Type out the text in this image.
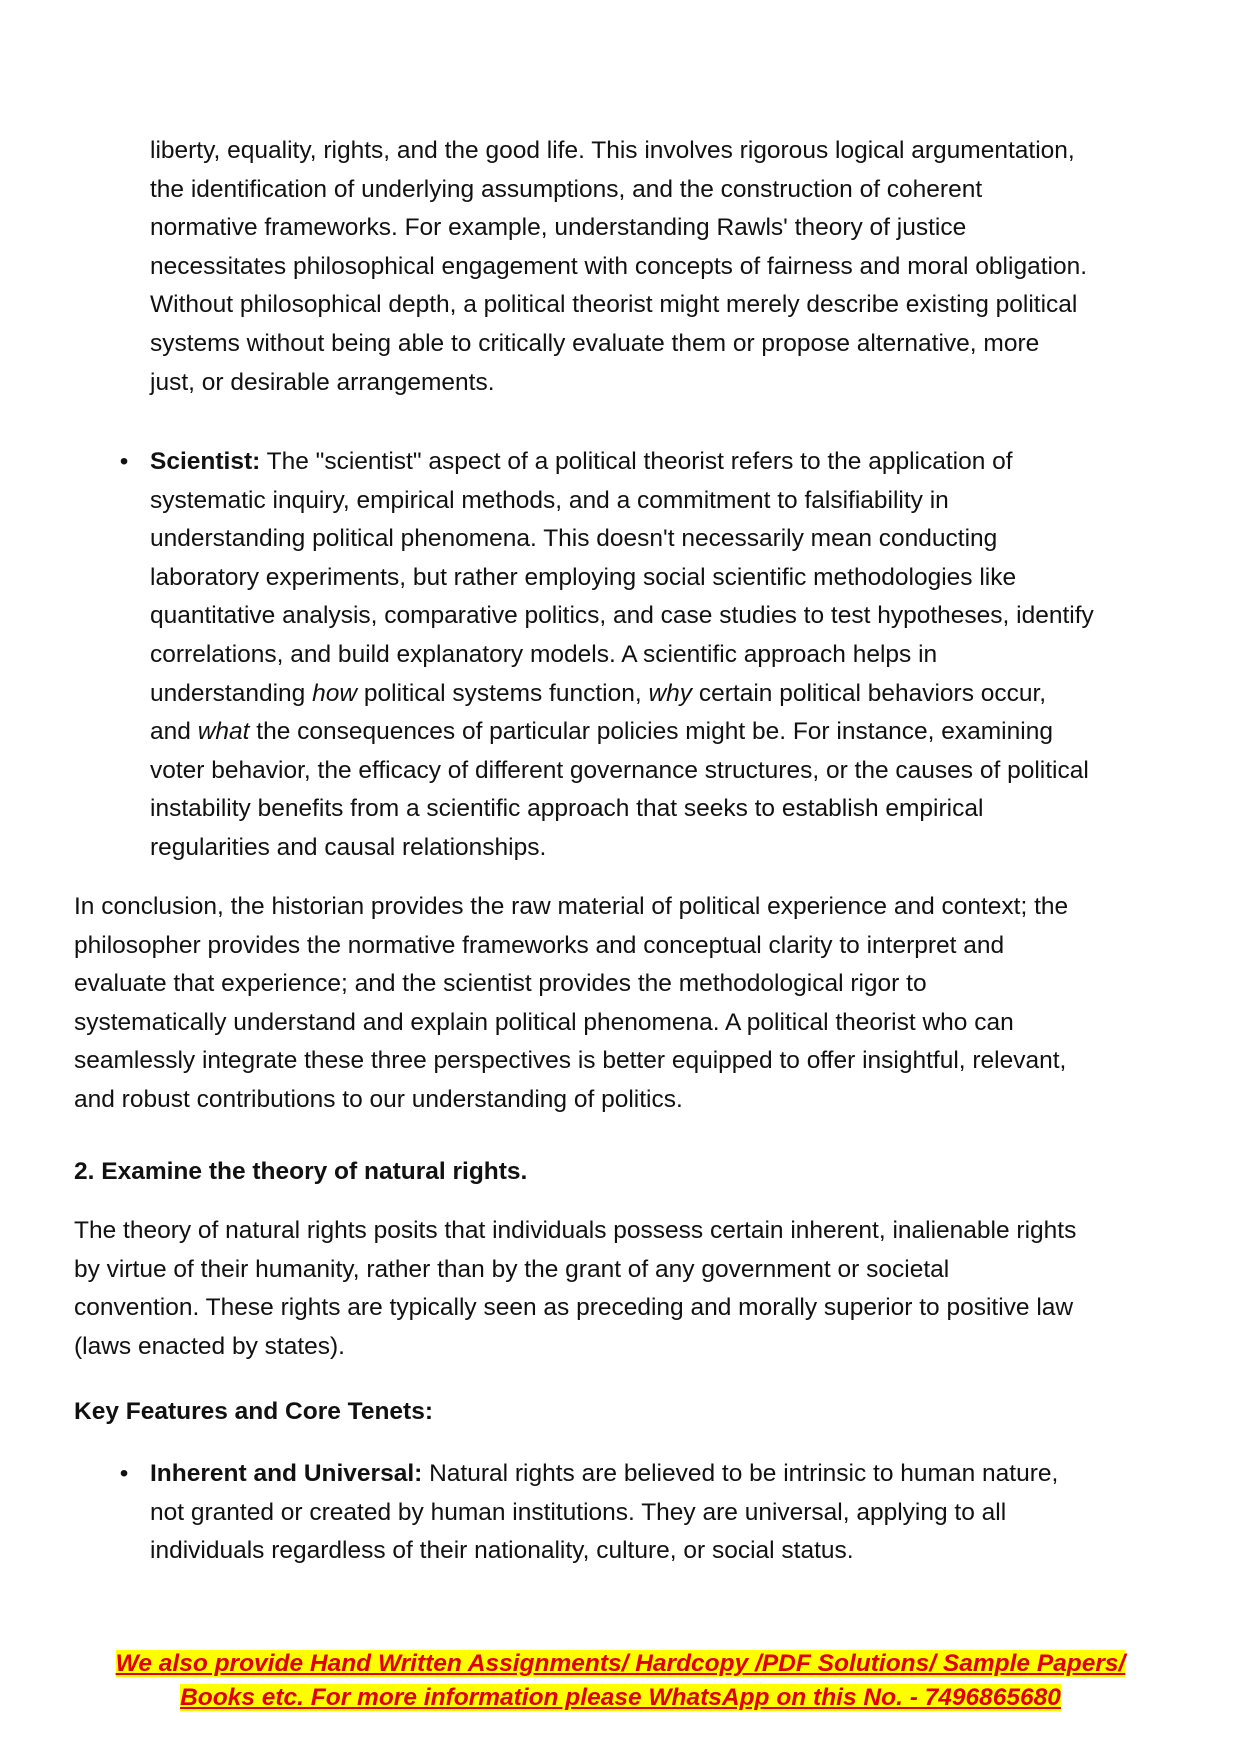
liberty, equality, rights, and the good life. This involves rigorous logical argumentation,
the identification of underlying assumptions, and the construction of coherent
normative frameworks. For example, understanding Rawls' theory of justice
necessitates philosophical engagement with concepts of fairness and moral obligation.
Without philosophical depth, a political theorist might merely describe existing political
systems without being able to critically evaluate them or propose alternative, more
just, or desirable arrangements.
• Scientist: The "scientist" aspect of a political theorist refers to the application of
systematic inquiry, empirical methods, and a commitment to falsifiability in
understanding political phenomena. This doesn't necessarily mean conducting
laboratory experiments, but rather employing social scientific methodologies like
quantitative analysis, comparative politics, and case studies to test hypotheses, identify
correlations, and build explanatory models. A scientific approach helps in
understanding how political systems function, why certain political behaviors occur,
and what the consequences of particular policies might be. For instance, examining
voter behavior, the efficacy of different governance structures, or the causes of political
instability benefits from a scientific approach that seeks to establish empirical
regularities and causal relationships.
In conclusion, the historian provides the raw material of political experience and context; the
philosopher provides the normative frameworks and conceptual clarity to interpret and
evaluate that experience; and the scientist provides the methodological rigor to
systematically understand and explain political phenomena. A political theorist who can
seamlessly integrate these three perspectives is better equipped to offer insightful, relevant,
and robust contributions to our understanding of politics.
2. Examine the theory of natural rights.
The theory of natural rights posits that individuals possess certain inherent, inalienable rights
by virtue of their humanity, rather than by the grant of any government or societal
convention. These rights are typically seen as preceding and morally superior to positive law
(laws enacted by states).
Key Features and Core Tenets:
• Inherent and Universal: Natural rights are believed to be intrinsic to human nature,
not granted or created by human institutions. They are universal, applying to all
individuals regardless of their nationality, culture, or social status.
We also provide Hand Written Assignments/ Hardcopy /PDF Solutions/ Sample Papers/
Books etc. For more information please WhatsApp on this No. - 7496865680
